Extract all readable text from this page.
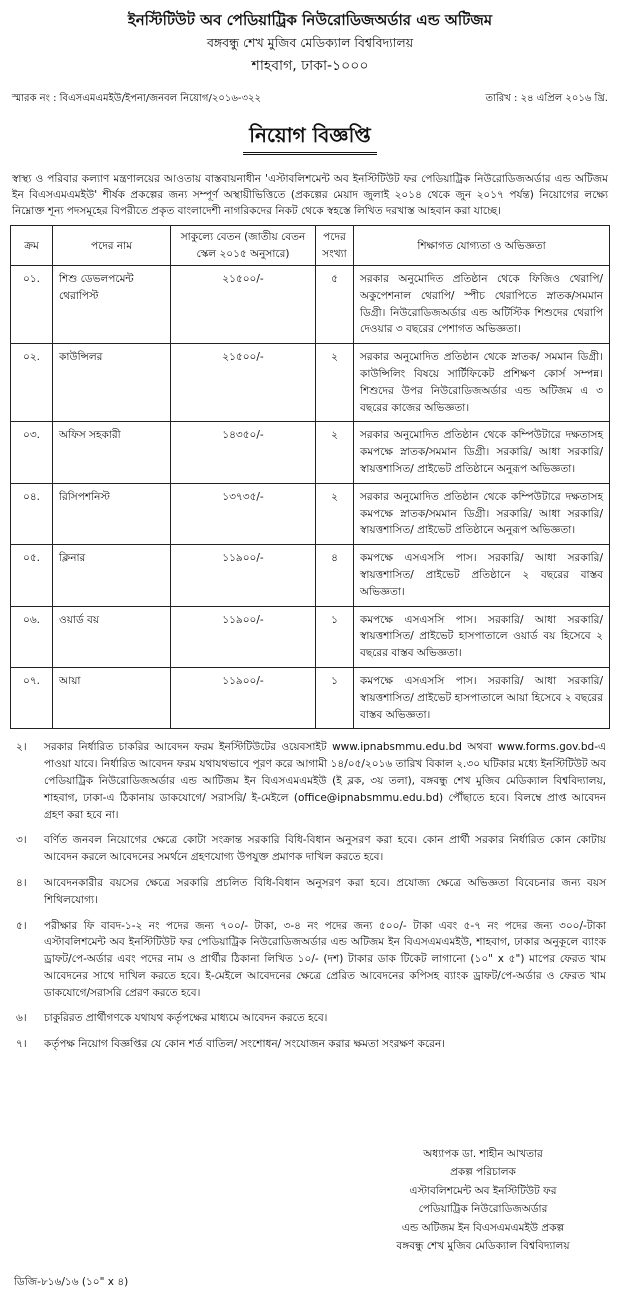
ইনস্টিটিউট অব পেডিয়াট্রিক নিউরোডিজঅর্ডার এন্ড অটিজম
বঙ্গবন্ধু শেখ মুজিব মেডিক্যাল বিশ্ববিদ্যালয়
শাহবাগ, ঢাকা-১০০০
স্মারক নং : বিএসএমএমইউ/ইপনা/জনবল নিয়োগ/২০১৬-৩২২	তারিখ : ২৪ এপ্রিল ২০১৬ খ্রি.
নিয়োগ বিজ্ঞপ্তি

স্বাস্থ্য ও পরিবার কল্যাণ মন্ত্রণালয়ের আওতায় বাস্তবায়নাধীন 'এস্টাবলিশমেন্ট অব ইনস্টিটিউট ফর পেডিয়াট্রিক নিউরোডিজঅর্ডার এন্ড অটিজম ইন বিএসএমএমইউ' শীর্ষক প্রকল্পের জন্য সম্পূর্ণ অস্থায়ীভিত্তিতে (প্রকল্পের মেয়াদ জুলাই ২০১৪ থেকে জুন ২০১৭ পর্যন্ত) নিয়োগের লক্ষ্যে নিম্নোক্ত শূন্য পদসমূহের বিপরীতে প্রকৃত বাংলাদেশী নাগরিকদের নিকট থেকে স্বহস্তে লিখিত দরখাস্ত আহবান করা যাচ্ছে।

ক্রম	পদের নাম	সাকুল্যে বেতন (জাতীয় বেতন স্কেল ২০১৫ অনুসারে)	পদের সংখ্যা	শিক্ষাগত যোগ্যতা ও অভিজ্ঞতা
০১.	শিশু ডেভলপমেন্ট থেরাপিস্ট	২১৫০০/-	৫	সরকার অনুমোদিত প্রতিষ্ঠান থেকে ফিজিও থেরাপি/ অকুপেশনাল থেরাপি/ স্পীচ থেরাপিতে স্নাতক/সমমান ডিগ্রী। নিউরোডিজঅর্ডার এন্ড অটিস্টিক শিশুদের থেরাপি দেওয়ার ৩ বছরের পেশাগত অভিজ্ঞতা।
০২.	কাউন্সিলর	২১৫০০/-	২	সরকার অনুমোদিত প্রতিষ্ঠান থেকে স্নাতক/ সমমান ডিগ্রী। কাউন্সিলিং বিষয়ে সার্টিফিকেট প্রশিক্ষণ কোর্স সম্পন্ন। শিশুদের উপর নিউরোডিজঅর্ডার এন্ড অটিজম এ ৩ বছরের কাজের অভিজ্ঞতা।
০৩.	অফিস সহকারী	১৪৩৫০/-	২	সরকার অনুমোদিত প্রতিষ্ঠান থেকে কম্পিউটারে দক্ষতাসহ কমপক্ষে স্নাতক/সমমান ডিগ্রী। সরকারি/ আধা সরকারি/ স্বায়ত্তশাসিত/ প্রাইভেট প্রতিষ্ঠানে অনুরূপ অভিজ্ঞতা।
০৪.	রিসিপশনিস্ট	১৩৭৩৫/-	২	সরকার অনুমোদিত প্রতিষ্ঠান থেকে কম্পিউটারে দক্ষতাসহ কমপক্ষে স্নাতক/সমমান ডিগ্রী। সরকারি/ আধা সরকারি/ স্বায়ত্তশাসিত/ প্রাইভেট প্রতিষ্ঠানে অনুরূপ অভিজ্ঞতা।
০৫.	ক্লিনার	১১৯০০/-	৪	কমপক্ষে এসএসসি পাস। সরকারি/ আধা সরকারি/ স্বায়ত্তশাসিত/ প্রাইভেট প্রতিষ্ঠানে ২ বছরের বাস্তব অভিজ্ঞতা।
০৬.	ওয়ার্ড বয়	১১৯০০/-	১	কমপক্ষে এসএসসি পাস। সরকারি/ আধা সরকারি/ স্বায়ত্তশাসিত/ প্রাইভেট হাসপাতালে ওয়ার্ড বয় হিসেবে ২ বছরের বাস্তব অভিজ্ঞতা।
০৭.	আয়া	১১৯০০/-	১	কমপক্ষে এসএসসি পাস। সরকারি/ আধা সরকারি/ স্বায়ত্তশাসিত/ প্রাইভেট হাসপাতালে আয়া হিসেবে ২ বছরের বাস্তব অভিজ্ঞতা।
২।	সরকার নির্ধারিত চাকরির আবেদন ফরম ইনস্টিটিউটের ওয়েবসাইট www.ipnabsmmu.edu.bd অথবা www.forms.gov.bd-এ পাওয়া যাবে। নির্ধারিত আবেদন ফরম যথাযথভাবে পূরণ করে আগামী ১৪/০৫/২০১৬ তারিখ বিকাল ২.৩০ ঘটিকার মধ্যে ইনস্টিটিউট অব পেডিয়াট্রিক নিউরোডিজঅর্ডার এন্ড আটিজম ইন বিএসএমএমইউ (ই ব্লক, ৩য় তলা), বঙ্গবন্ধু শেখ মুজিব মেডিক্যাল বিশ্ববিদ্যালয়, শাহবাগ, ঢাকা-এ ঠিকানায় ডাকযোগে/ সরাসরি/ ই-মেইলে (office@ipnabsmmu.edu.bd) পৌঁছাতে হবে। বিলম্বে প্রাপ্ত আবেদন গ্রহণ করা হবে না।
৩।	বর্ণিত জনবল নিয়োগের ক্ষেত্রে কোটা সংক্রান্ত সরকারি বিধি-বিধান অনুসরণ করা হবে। কোন প্রার্থী সরকার নির্ধারিত কোন কোটায় আবেদন করলে আবেদনের সমর্থনে গ্রহণযোগ্য উপযুক্ত প্রমাণক দাখিল করতে হবে।
৪।	আবেদনকারীর বয়সের ক্ষেত্রে সরকারি প্রচলিত বিধি-বিধান অনুসরণ করা হবে। প্রযোজ্য ক্ষেত্রে অভিজ্ঞতা বিবেচনার জন্য বয়স শিথিলযোগ্য।
৫।	পরীক্ষার ফি বাবদ-১-২ নং পদের জন্য ৭০০/- টাকা, ৩-৪ নং পদের জন্য ৫০০/- টাকা এবং ৫-৭ নং পদের জন্য ৩০০/-টাকা এস্টাবলিশমেন্ট অব ইনস্টিটিউট ফর পেডিয়াট্রিক নিউরোডিজঅর্ডার এন্ড অটিজম ইন বিএসএমএমইউ, শাহবাগ, ঢাকার অনুকূলে ব্যাংক ড্রাফট/পে-অর্ডার এবং পদের নাম ও প্রার্থীর ঠিকানা লিখিত ১০/- (দশ) টাকার ডাক টিকেট লাগানো (১০" x ৫") মাপের ফেরত খাম আবেদনের সাথে দাখিল করতে হবে। ই-মেইলে আবেদনের ক্ষেত্রে প্রেরিত আবেদনের কপিসহ ব্যাংক ড্রাফট/পে-অর্ডার ও ফেরত খাম ডাকযোগে/সরাসরি প্রেরণ করতে হবে।
৬।	চাকুরিরত প্রার্থীগণকে যথাযথ কর্তৃপক্ষের মাধ্যমে আবেদন করতে হবে।
৭।	কর্তৃপক্ষ নিয়োগ বিজ্ঞপ্তির যে কোন শর্ত বাতিল/ সংশোধন/ সংযোজন করার ক্ষমতা সংরক্ষণ করেন।
অধ্যাপক ডা. শাহীন আখতার
প্রকল্প পরিচালক
এস্টাবলিশমেন্ট অব ইনস্টিটিউট ফর
পেডিয়াট্রিক নিউরোডিজঅর্ডার
এন্ড অটিজম ইন বিএসএমএমইউ প্রকল্প
বঙ্গবন্ধু শেখ মুজিব মেডিক্যাল বিশ্ববিদ্যালয়
ডিজি-৮১৬/১৬ (১০" x ৪)
